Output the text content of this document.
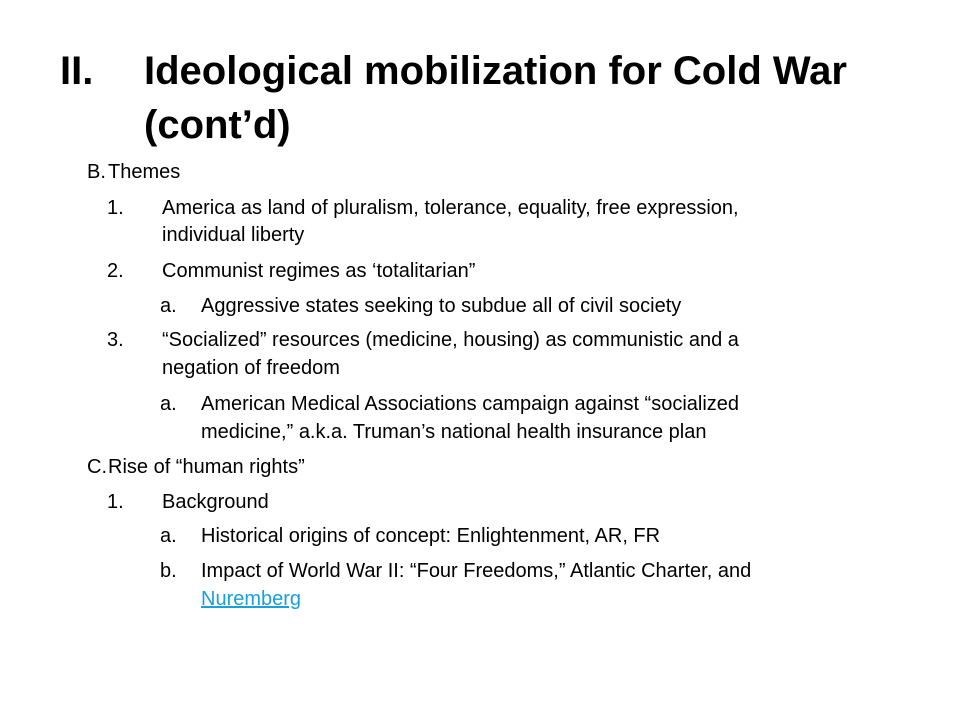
II. Ideological mobilization for Cold War (cont’d)
B. Themes
1. America as land of pluralism, tolerance, equality, free expression,
individual liberty
2. Communist regimes as ‘totalitarian”
a. Aggressive states seeking to subdue all of civil society
3. “Socialized” resources (medicine, housing) as communistic and a
negation of freedom
a. American Medical Associations campaign against “socialized
medicine,” a.k.a. Truman’s national health insurance plan
C. Rise of “human rights”
1. Background
a. Historical origins of concept: Enlightenment, AR, FR
b. Impact of World War II: “Four Freedoms,” Atlantic Charter, and
Nuremberg
